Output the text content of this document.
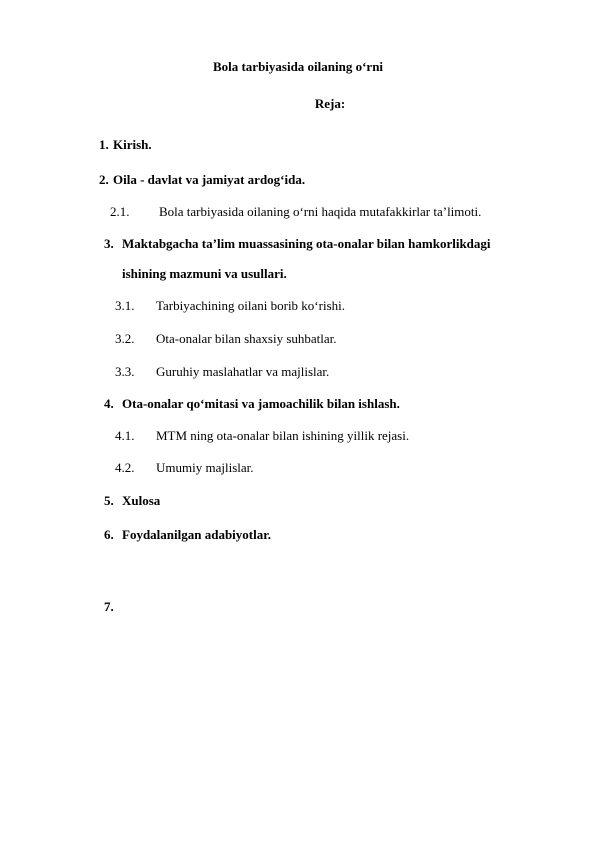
Bola tarbiyasida oilaning o‘rni
Reja:
1. Kirish.
2. Oila - davlat va jamiyat ardog‘ida.
2.1. Bola tarbiyasida oilaning o‘rni haqida mutafakkirlar ta’limoti.
3. Maktabgacha ta’lim muassasining ota-onalar bilan hamkorlikdagi
ishining mazmuni va usullari.
3.1. Tarbiyachining oilani borib ko‘rishi.
3.2. Ota-onalar bilan shaxsiy suhbatlar.
3.3. Guruhiy maslahatlar va majlislar.
4. Ota-onalar qo‘mitasi va jamoachilik bilan ishlash.
4.1. MTM ning ota-onalar bilan ishining yillik rejasi.
4.2. Umumiy majlislar.
5. Xulosa
6. Foydalanilgan adabiyotlar.
7.
